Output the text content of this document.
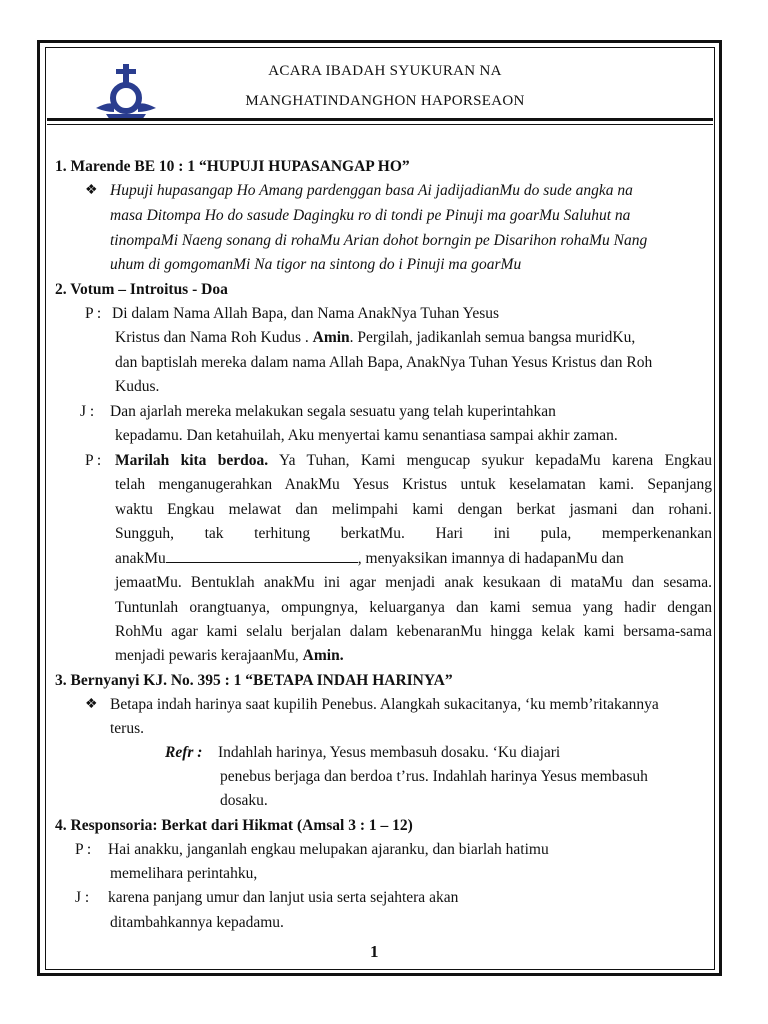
ACARA IBADAH SYUKURAN NA
MANGHATINDANGHON HAPORSEAON
1. Marende BE 10 : 1 “HUPUJI HUPASANGAP HO”
❖ Hupuji hupasangap Ho Amang pardenggan basa Ai jadijadianMu do sude angka na
masa Ditompa Ho do sasude Dagingku ro di tondi pe Pinuji ma goarMu Saluhut na
tinompaMi Naeng sonang di rohaMu Arian dohot borngin pe Disarihon rohaMu Nang
uhum di gomgomanMi Na tigor na sintong do i Pinuji ma goarMu
2. Votum – Introitus - Doa
P : Di dalam Nama Allah Bapa, dan Nama AnakNya Tuhan Yesus
Kristus dan Nama Roh Kudus . Amin. Pergilah, jadikanlah semua bangsa muridKu,
dan baptislah mereka dalam nama Allah Bapa, AnakNya Tuhan Yesus Kristus dan Roh
Kudus.
J : Dan ajarlah mereka melakukan segala sesuatu yang telah kuperintahkan
kepadamu. Dan ketahuilah, Aku menyertai kamu senantiasa sampai akhir zaman.
P : Marilah kita berdoa. Ya Tuhan, Kami mengucap syukur kepadaMu karena Engkau
telah menganugerahkan AnakMu Yesus Kristus untuk keselamatan kami. Sepanjang
waktu Engkau melawat dan melimpahi kami dengan berkat jasmani dan rohani.
Sungguh, tak terhitung berkatMu. Hari ini pula, memperkenankan
anakMu	, menyaksikan imannya di hadapanMu dan
jemaatMu. Bentuklah anakMu ini agar menjadi anak kesukaan di mataMu dan sesama.
Tuntunlah orangtuanya, ompungnya, keluarganya dan kami semua yang hadir dengan
RohMu agar kami selalu berjalan dalam kebenaranMu hingga kelak kami bersama-sama
menjadi pewaris kerajaanMu, Amin.
3. Bernyanyi KJ. No. 395 : 1 “BETAPA INDAH HARINYA”
❖ Betapa indah harinya saat kupilih Penebus. Alangkah sukacitanya, ‘ku memb’ritakannya
terus.
Refr : Indahlah harinya, Yesus membasuh dosaku. ‘Ku diajari
penebus berjaga dan berdoa t’rus. Indahlah harinya Yesus membasuh
dosaku.
4. Responsoria: Berkat dari Hikmat (Amsal 3 : 1 – 12)
P : Hai anakku, janganlah engkau melupakan ajaranku, dan biarlah hatimu
memelihara perintahku,
J : karena panjang umur dan lanjut usia serta sejahtera akan
ditambahkannya kepadamu.
1
